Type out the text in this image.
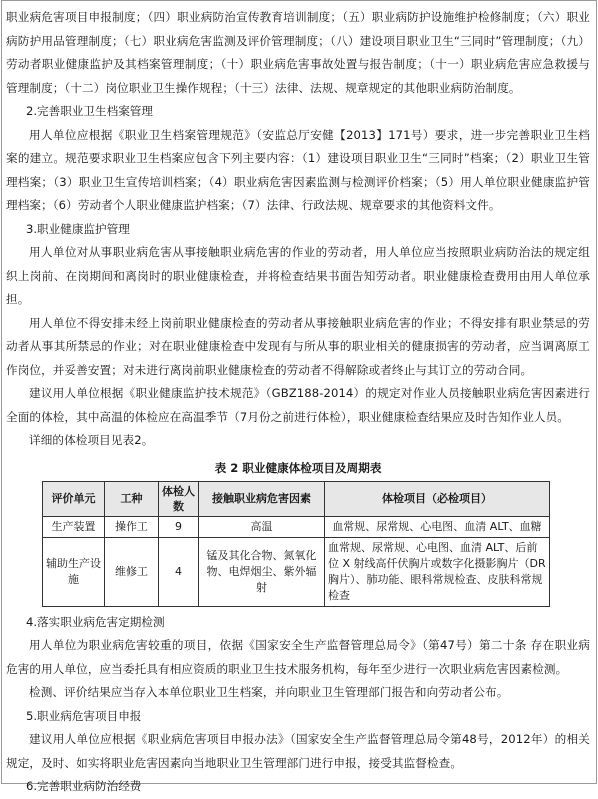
职业病危害项目申报制度；（四）职业病防治宣传教育培训制度；（五）职业病防护设施维护检修制度；（六）职业病防护用品管理制度；（七）职业病危害监测及评价管理制度；（八）建设项目职业卫生“三同时”管理制度；（九）劳动者职业健康监护及其档案管理制度；（十）职业病危害事故处置与报告制度；（十一）职业病危害应急救援与管理制度；（十二）岗位职业卫生操作规程；（十三）法律、法规、规章规定的其他职业病防治制度。

2.完善职业卫生档案管理

用人单位应根据《职业卫生档案管理规范》（安监总厅安健【2013】171号）要求，进一步完善职业卫生档案的建立。规范要求职业卫生档案应包含下列主要内容：（1）建设项目职业卫生“三同时”档案；（2）职业卫生管理档案；（3）职业卫生宣传培训档案；（4）职业病危害因素监测与检测评价档案；（5）用人单位职业健康监护管理档案；（6）劳动者个人职业健康监护档案；（7）法律、行政法规、规章要求的其他资料文件。

3.职业健康监护管理

用人单位对从事职业病危害从事接触职业病危害的作业的劳动者，用人单位应当按照职业病防治法的规定组织上岗前、在岗期间和离岗时的职业健康检查，并将检查结果书面告知劳动者。职业健康检查费用由用人单位承担。

用人单位不得安排未经上岗前职业健康检查的劳动者从事接触职业病危害的作业；不得安排有职业禁忌的劳动者从事其所禁忌的作业；对在职业健康检查中发现有与所从事的职业相关的健康损害的劳动者，应当调离原工作岗位，并妥善安置；对未进行离岗前职业健康检查的劳动者不得解除或者终止与其订立的劳动合同。

建议用人单位根据《职业健康监护技术规范》（GBZ188-2014）的规定对作业人员接触职业病危害因素进行全面的体检，其中高温的体检应在高温季节（7月份之前进行体检），职业健康检查结果应及时告知作业人员。

详细的体检项目见表2。

表 2 职业健康体检项目及周期表
评价单元	工种	体检人数	接触职业病危害因素	体检项目（必检项目）
生产装置	操作工	9	高温	血常规、尿常规、心电图、血清 ALT、血糖
辅助生产设施	维修工	4	锰及其化合物、氮氧化物、电焊烟尘、紫外辐射	血常规、尿常规、心电图、血清 ALT、后前位 X 射线高仟伏胸片或数字化摄影胸片（DR 胸片）、肺功能、眼科常规检查、皮肤科常规检查

4.落实职业病危害定期检测

用人单位为职业病危害较重的项目，依据《国家安全生产监督管理总局令》（第47号）第二十条 存在职业病危害的用人单位，应当委托具有相应资质的职业卫生技术服务机构，每年至少进行一次职业病危害因素检测。

检测、评价结果应当存入本单位职业卫生档案，并向职业卫生管理部门报告和向劳动者公布。

5.职业病危害项目申报

建议用人单位应根据《职业病危害项目申报办法》（国家安全生产监督管理总局令第48号，2012年）的相关规定，及时、如实将职业危害因素向当地职业卫生管理部门进行申报，接受其监督检查。

6.完善职业病防治经费
